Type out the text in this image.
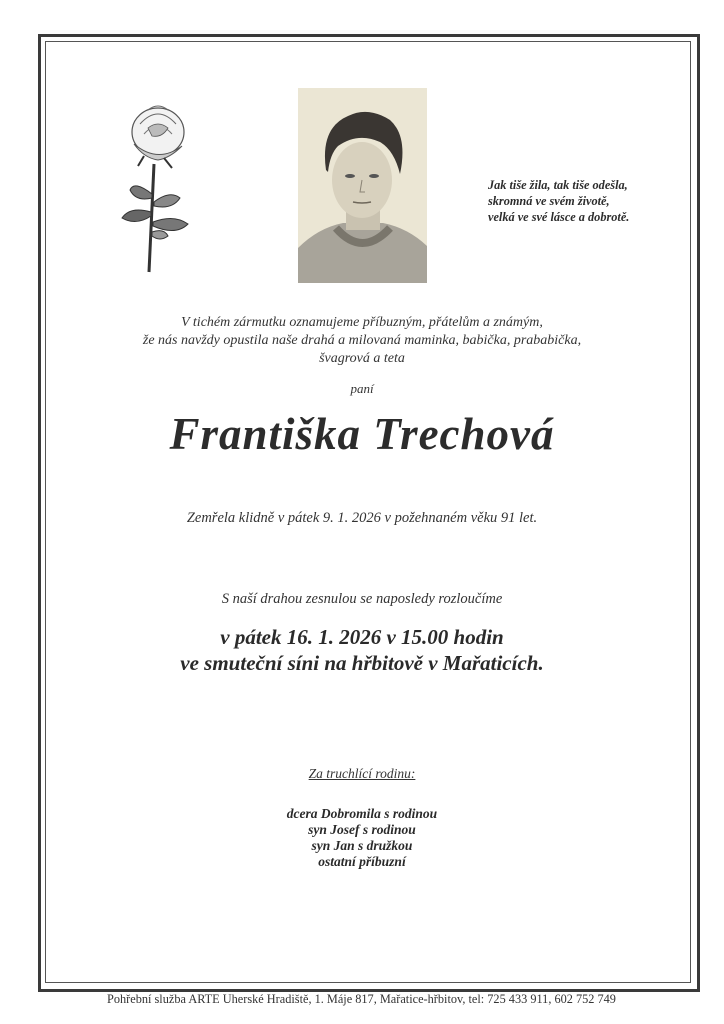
Jak tiše žila, tak tiše odešla,
skromná ve svém životě,
velká ve své lásce a dobrotě.
V tichém zármutku oznamujeme příbuzným, přátelům a známým,
že nás navždy opustila naše drahá a milovaná maminka, babička, prababička,
švagrová a teta
paní
Františka Trechová
Zemřela klidně v pátek 9. 1. 2026 v požehnaném věku 91 let.
S naší drahou zesnulou se naposledy rozloučíme
v pátek 16. 1. 2026 v 15.00 hodin
ve smuteční síni na hřbitově v Mařaticích.
Za truchlící rodinu:
dcera Dobromila s rodinou
syn Josef s rodinou
syn Jan s družkou
ostatní příbuzní
Pohřební služba ARTE Uherské Hradiště, 1. Máje 817, Mařatice-hřbitov, tel: 725 433 911, 602 752 749
